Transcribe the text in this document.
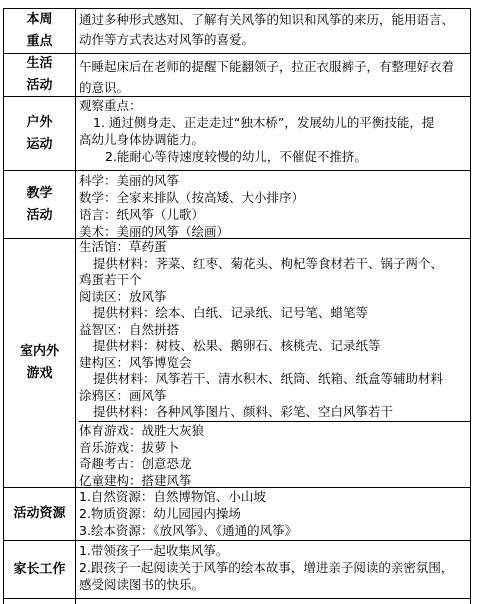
本周
重点
通过多种形式感知、了解有关风筝的知识和风筝的来历，能用语言、
动作等方式表达对风筝的喜爱。
生活
活动
午睡起床后在老师的提醒下能翻领子，拉正衣服裤子，有整理好衣着
的意识。
户外
运动
观察重点：
1. 通过侧身走、正走走过“独木桥”，发展幼儿的平衡技能，提
高幼儿身体协调能力。
2.能耐心等待速度较慢的幼儿，不催促不推挤。
教学
活动
科学：美丽的风筝
数学：全家来排队（按高矮、大小排序）
语言：纸风筝（儿歌）
美术：美丽的风筝（绘画）
室内外
游戏
生活馆：草药蛋
提供材料：荠菜、红枣、菊花头、枸杞等食材若干、锅子两个、
鸡蛋若干个
阅读区：放风筝
提供材料：绘本、白纸、记录纸、记号笔、蜡笔等
益智区：自然拼搭
提供材料：树枝、松果、鹅卵石、核桃壳、记录纸等
建构区：风筝博览会
提供材料：风筝若干、清水积木、纸筒、纸箱、纸盒等辅助材料
涂鸦区：画风筝
提供材料：各种风筝图片、颜料、彩笔、空白风筝若干
体育游戏：战胜大灰狼
音乐游戏：拔萝卜
奇趣考古：创意恐龙
亿童建构：搭建风筝
活动资源
1.自然资源：自然博物馆、小山坡
2.物质资源：幼儿园园内操场
3.绘本资源：《放风筝》、《通通的风筝》
家长工作
1.带领孩子一起收集风筝。
2.跟孩子一起阅读关于风筝的绘本故事，增进亲子阅读的亲密氛围，
感受阅读图书的快乐。
